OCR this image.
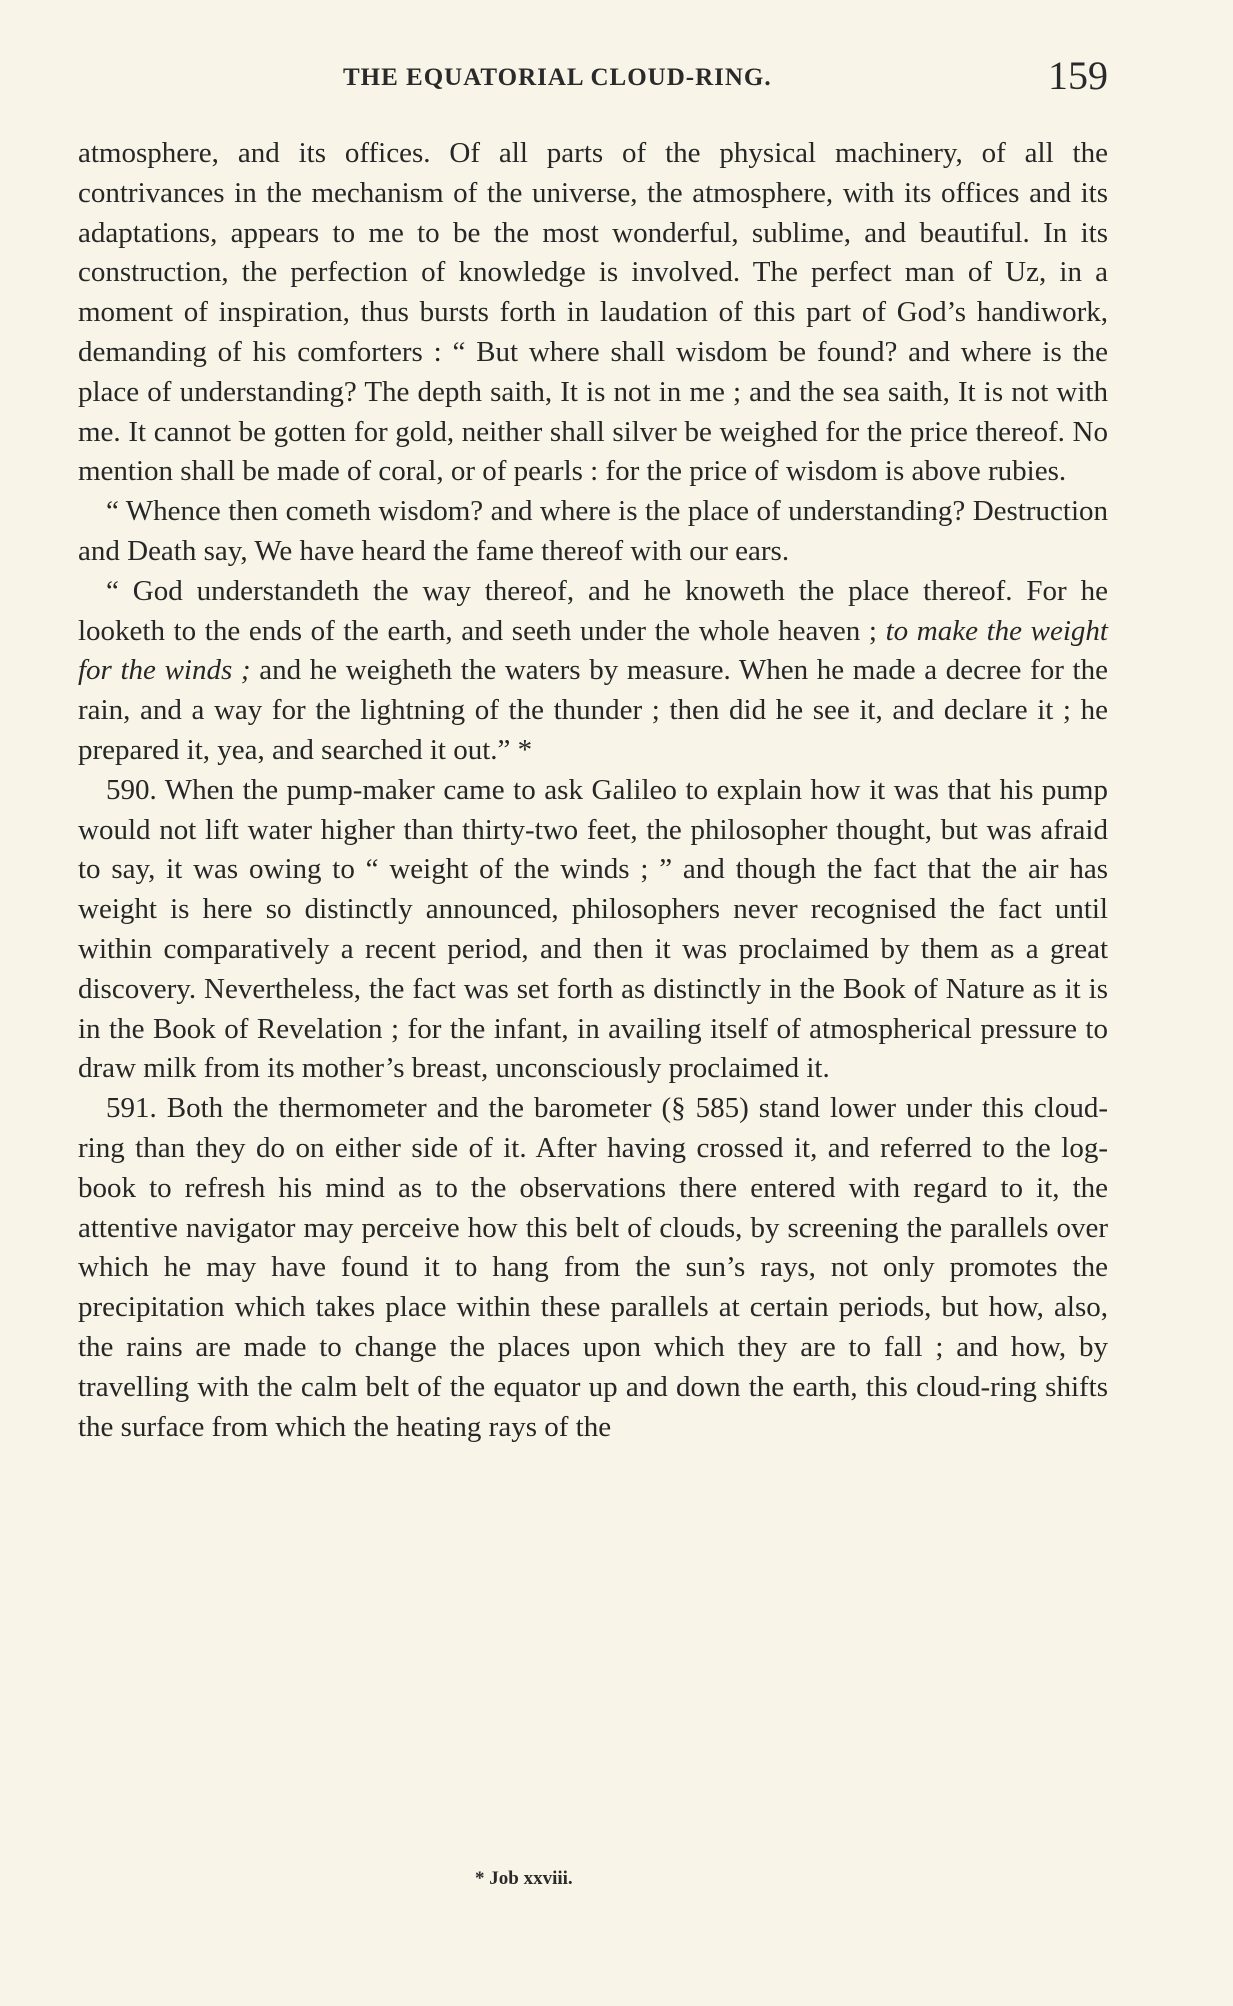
THE EQUATORIAL CLOUD-RING.	159

atmosphere, and its offices. Of all parts of the physical machinery, of all the contrivances in the mechanism of the universe, the atmosphere, with its offices and its adaptations, appears to me to be the most wonderful, sublime, and beautiful. In its construction, the perfection of knowledge is involved. The perfect man of Uz, in a moment of inspiration, thus bursts forth in laudation of this part of God’s handiwork, demanding of his comforters : “ But where shall wisdom be found? and where is the place of understanding? The depth saith, It is not in me ; and the sea saith, It is not with me. It cannot be gotten for gold, neither shall silver be weighed for the price thereof. No mention shall be made of coral, or of pearls : for the price of wisdom is above rubies.

“ Whence then cometh wisdom? and where is the place of understanding? Destruction and Death say, We have heard the fame thereof with our ears.

“ God understandeth the way thereof, and he knoweth the place thereof. For he looketh to the ends of the earth, and seeth under the whole heaven ; to make the weight for the winds ; and he weigheth the waters by measure. When he made a decree for the rain, and a way for the lightning of the thunder ; then did he see it, and declare it ; he prepared it, yea, and searched it out.” *

590. When the pump-maker came to ask Galileo to explain how it was that his pump would not lift water higher than thirty-two feet, the philosopher thought, but was afraid to say, it was owing to “ weight of the winds ; ” and though the fact that the air has weight is here so distinctly announced, philosophers never recognised the fact until within comparatively a recent period, and then it was proclaimed by them as a great discovery. Nevertheless, the fact was set forth as distinctly in the Book of Nature as it is in the Book of Revelation ; for the infant, in availing itself of atmospherical pressure to draw milk from its mother’s breast, unconsciously proclaimed it.

591. Both the thermometer and the barometer (§ 585) stand lower under this cloud-ring than they do on either side of it. After having crossed it, and referred to the log-book to refresh his mind as to the observations there entered with regard to it, the attentive navigator may perceive how this belt of clouds, by screening the parallels over which he may have found it to hang from the sun’s rays, not only promotes the precipitation which takes place within these parallels at certain periods, but how, also, the rains are made to change the places upon which they are to fall ; and how, by travelling with the calm belt of the equator up and down the earth, this cloud-ring shifts the surface from which the heating rays of the

* Job xxviii.
